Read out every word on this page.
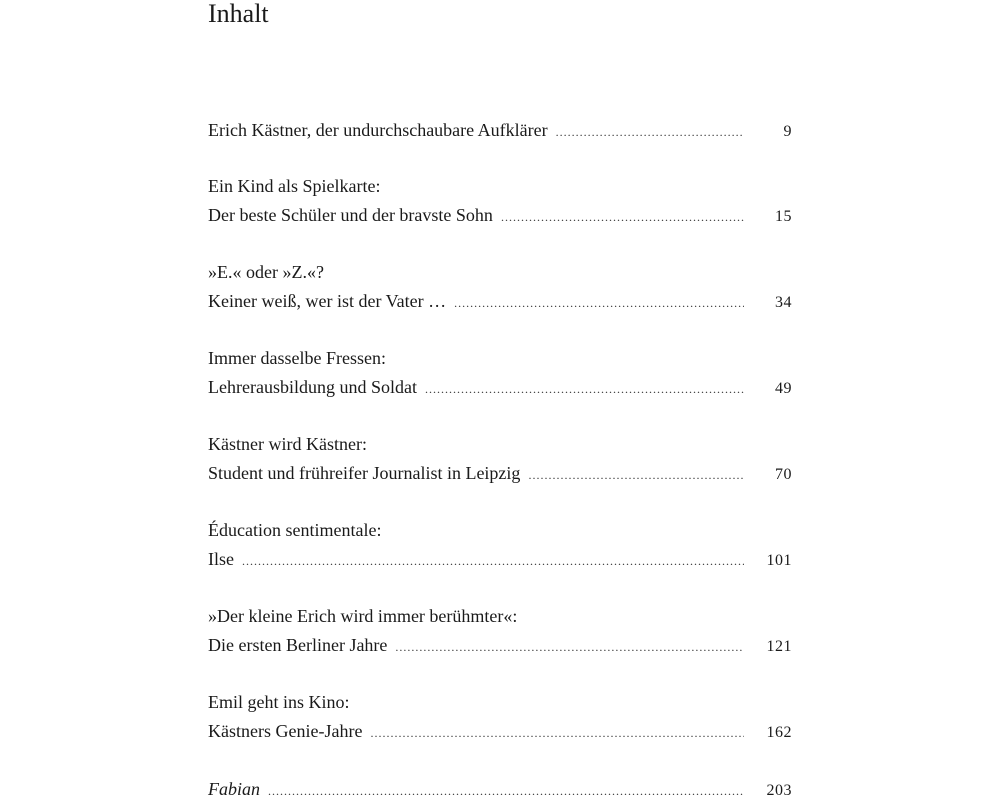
Inhalt
Erich Kästner, der undurchschaubare Aufklärer .....	9
Ein Kind als Spielkarte:
Der beste Schüler und der bravste Sohn .....	15
»E.« oder »Z.«?
Keiner weiß, wer ist der Vater … .....	34
Immer dasselbe Fressen:
Lehrerausbildung und Soldat .....	49
Kästner wird Kästner:
Student und frühreifer Journalist in Leipzig .....	70
Éducation sentimentale:
Ilse .....	101
»Der kleine Erich wird immer berühmter«:
Die ersten Berliner Jahre .....	121
Emil geht ins Kino:
Kästners Genie-Jahre .....	162
Fabian .....	203
